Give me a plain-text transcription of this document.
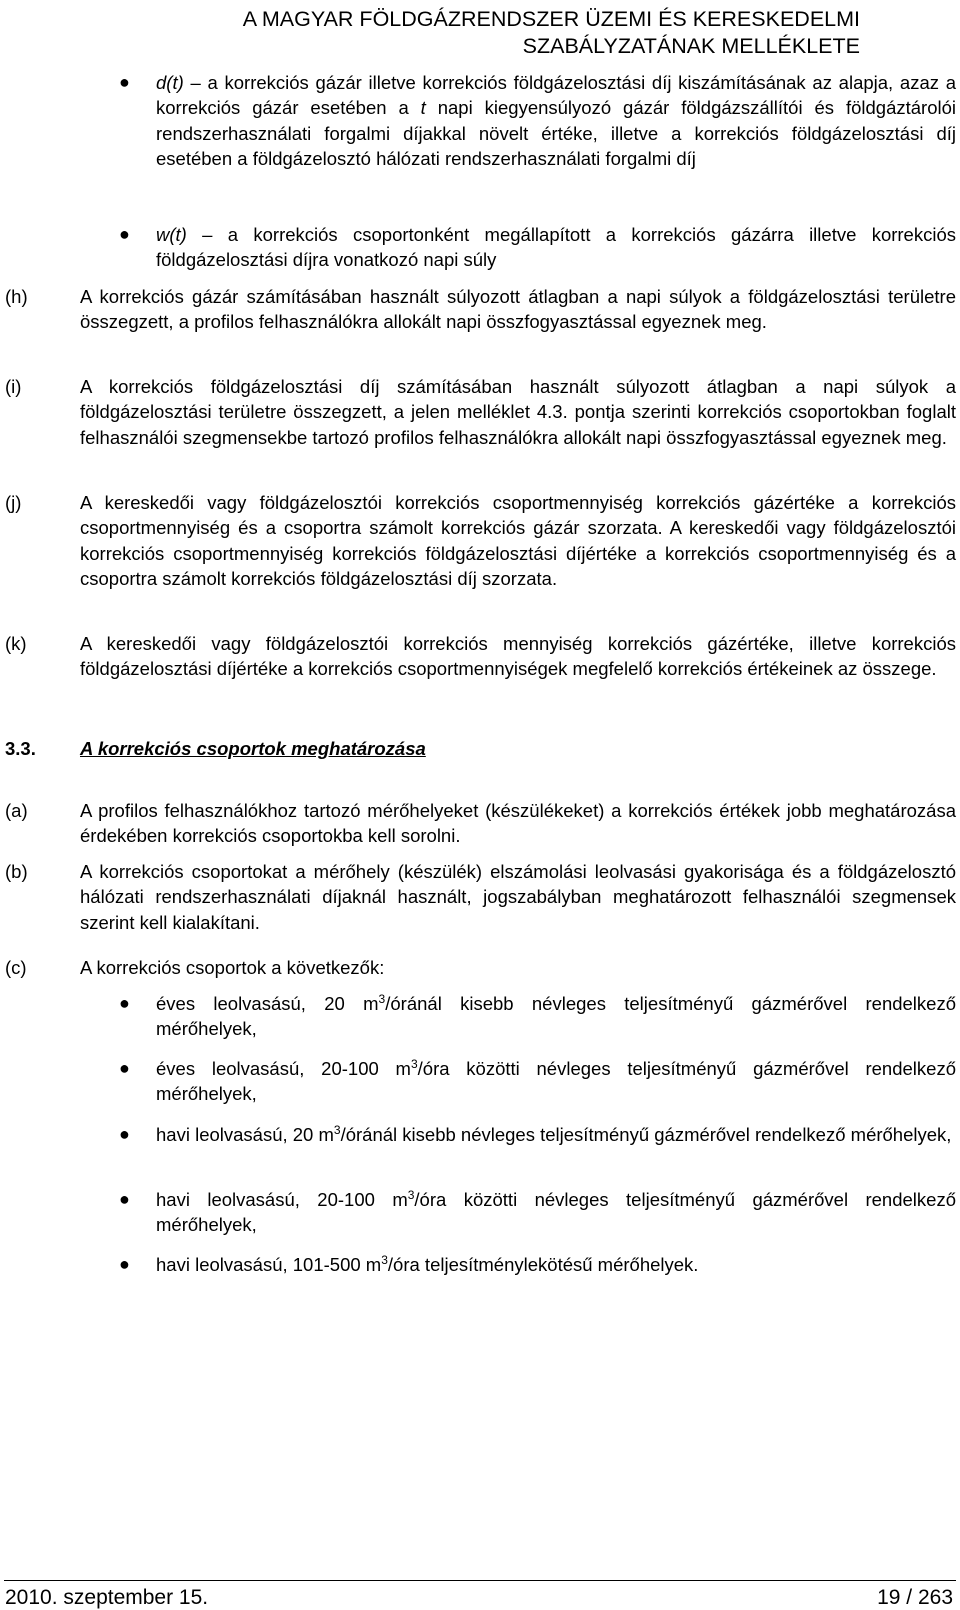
A MAGYAR FÖLDGÁZRENDSZER ÜZEMI ÉS KERESKEDELMI
SZABÁLYZATÁNAK MELLÉKLETE
● d(t) – a korrekciós gázár illetve korrekciós földgázelosztási díj kiszámításának az alapja, azaz a korrekciós gázár esetében a t napi kiegyensúlyozó gázár földgázszállítói és földgáztárolói rendszerhasználati forgalmi díjakkal növelt értéke, illetve a korrekciós földgázelosztási díj esetében a földgázelosztó hálózati rendszerhasználati forgalmi díj
● w(t) – a korrekciós csoportonként megállapított a korrekciós gázárra illetve korrekciós földgázelosztási díjra vonatkozó napi súly
(h)	A korrekciós gázár számításában használt súlyozott átlagban a napi súlyok a földgázelosztási területre összegzett, a profilos felhasználókra allokált napi összfogyasztással egyeznek meg.
(i)	A korrekciós földgázelosztási díj számításában használt súlyozott átlagban a napi súlyok a földgázelosztási területre összegzett, a jelen melléklet 4.3. pontja szerinti korrekciós csoportokban foglalt felhasználói szegmensekbe tartozó profilos felhasználókra allokált napi összfogyasztással egyeznek meg.
(j)	A kereskedői vagy földgázelosztói korrekciós csoportmennyiség korrekciós gázértéke a korrekciós csoportmennyiség és a csoportra számolt korrekciós gázár szorzata. A kereskedői vagy földgázelosztói korrekciós csoportmennyiség korrekciós földgázelosztási díjértéke a korrekciós csoportmennyiség és a csoportra számolt korrekciós földgázelosztási díj szorzata.
(k)	A kereskedői vagy földgázelosztói korrekciós mennyiség korrekciós gázértéke, illetve korrekciós földgázelosztási díjértéke a korrekciós csoportmennyiségek megfelelő korrekciós értékeinek az összege.
3.3. A korrekciós csoportok meghatározása
(a)	A profilos felhasználókhoz tartozó mérőhelyeket (készülékeket) a korrekciós értékek jobb meghatározása érdekében korrekciós csoportokba kell sorolni.
(b)	A korrekciós csoportokat a mérőhely (készülék) elszámolási leolvasási gyakorisága és a földgázelosztó hálózati rendszerhasználati díjaknál használt, jogszabályban meghatározott felhasználói szegmensek szerint kell kialakítani.
(c)	A korrekciós csoportok a következők:
● éves leolvasású, 20 $m^3$/óránál kisebb névleges teljesítményű gázmérővel rendelkező mérőhelyek,
● éves leolvasású, 20-100 $m^3$/óra közötti névleges teljesítményű gázmérővel rendelkező mérőhelyek,
● havi leolvasású, 20 $m^3$/óránál kisebb névleges teljesítményű gázmérővel rendelkező mérőhelyek,
● havi leolvasású, 20-100 $m^3$/óra közötti névleges teljesítményű gázmérővel rendelkező mérőhelyek,
● havi leolvasású, 101-500 $m^3$/óra teljesítménylekötésű mérőhelyek.
2010. szeptember 15.	19 / 263
